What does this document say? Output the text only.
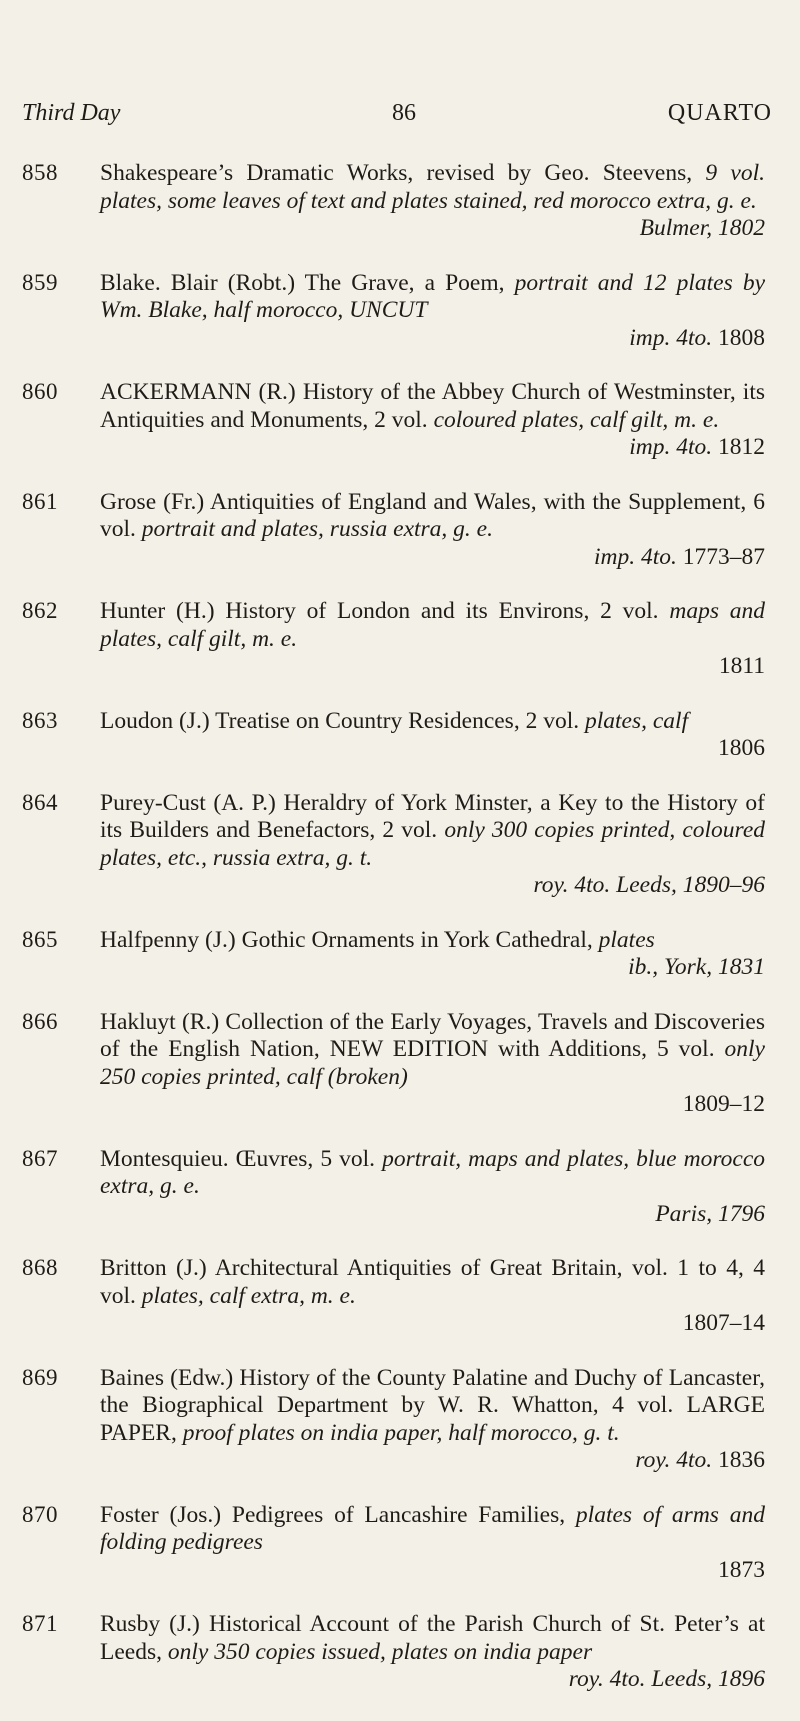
Third Day	86	QUARTO
858 Shakespeare’s Dramatic Works, revised by Geo. Steevens, 9 vol. plates, some leaves of text and plates stained, red morocco extra, g. e.
Bulmer, 1802
859 Blake. Blair (Robt.) The Grave, a Poem, portrait and 12 plates by Wm. Blake, half morocco, UNCUT
imp. 4to. 1808
860 ACKERMANN (R.) History of the Abbey Church of Westminster, its Antiquities and Monuments, 2 vol. coloured plates, calf gilt, m. e.
imp. 4to. 1812
861 Grose (Fr.) Antiquities of England and Wales, with the Supplement, 6 vol. portrait and plates, russia extra, g. e.
imp. 4to. 1773–87
862 Hunter (H.) History of London and its Environs, 2 vol. maps and plates, calf gilt, m. e.
1811
863 Loudon (J.) Treatise on Country Residences, 2 vol. plates, calf
1806
864 Purey-Cust (A. P.) Heraldry of York Minster, a Key to the History of its Builders and Benefactors, 2 vol. only 300 copies printed, coloured plates, etc., russia extra, g. t.
roy. 4to. Leeds, 1890–96
865 Halfpenny (J.) Gothic Ornaments in York Cathedral, plates
ib., York, 1831
866 Hakluyt (R.) Collection of the Early Voyages, Travels and Discoveries of the English Nation, NEW EDITION with Additions, 5 vol. only 250 copies printed, calf (broken)
1809–12
867 Montesquieu. Œuvres, 5 vol. portrait, maps and plates, blue morocco extra, g. e.
Paris, 1796
868 Britton (J.) Architectural Antiquities of Great Britain, vol. 1 to 4, 4 vol. plates, calf extra, m. e.
1807–14
869 Baines (Edw.) History of the County Palatine and Duchy of Lancaster, the Biographical Department by W. R. Whatton, 4 vol. LARGE PAPER, proof plates on india paper, half morocco, g. t.
roy. 4to. 1836
870 Foster (Jos.) Pedigrees of Lancashire Families, plates of arms and folding pedigrees
1873
871 Rusby (J.) Historical Account of the Parish Church of St. Peter’s at Leeds, only 350 copies issued, plates on india paper
roy. 4to. Leeds, 1896
